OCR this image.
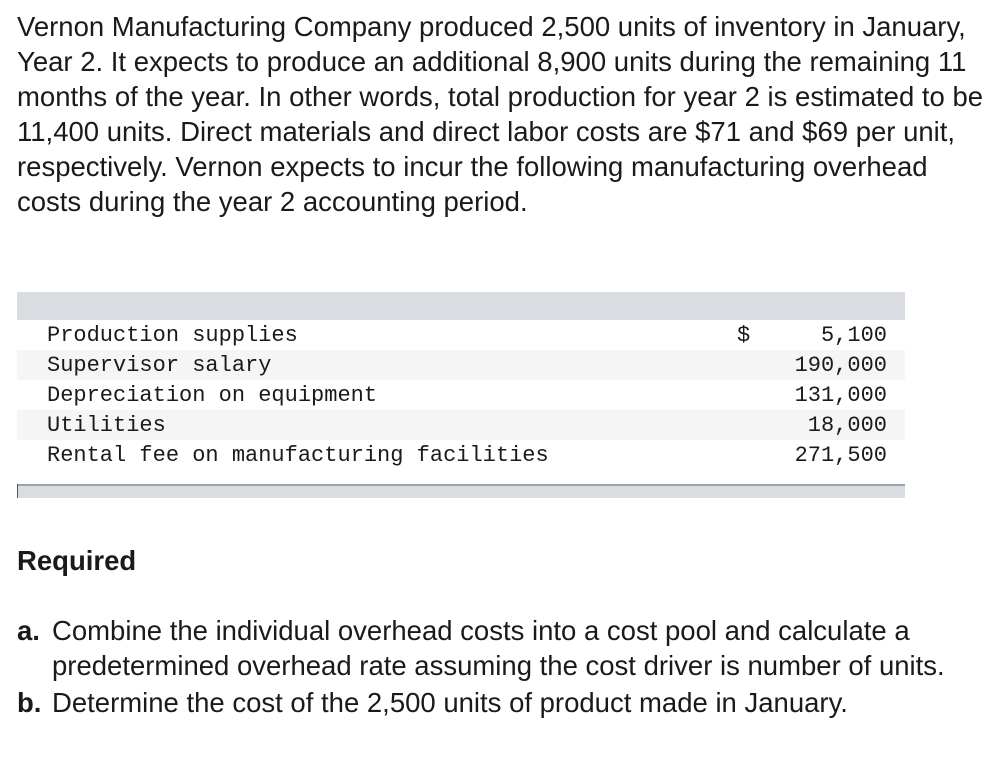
Vernon Manufacturing Company produced 2,500 units of inventory in January, Year 2. It expects to produce an additional 8,900 units during the remaining 11 months of the year. In other words, total production for year 2 is estimated to be 11,400 units. Direct materials and direct labor costs are $71 and $69 per unit, respectively. Vernon expects to incur the following manufacturing overhead costs during the year 2 accounting period.

Production supplies	$	5,100
Supervisor salary	190,000
Depreciation on equipment	131,000
Utilities	18,000
Rental fee on manufacturing facilities	271,500

Required

a. Combine the individual overhead costs into a cost pool and calculate a predetermined overhead rate assuming the cost driver is number of units.
b. Determine the cost of the 2,500 units of product made in January.
